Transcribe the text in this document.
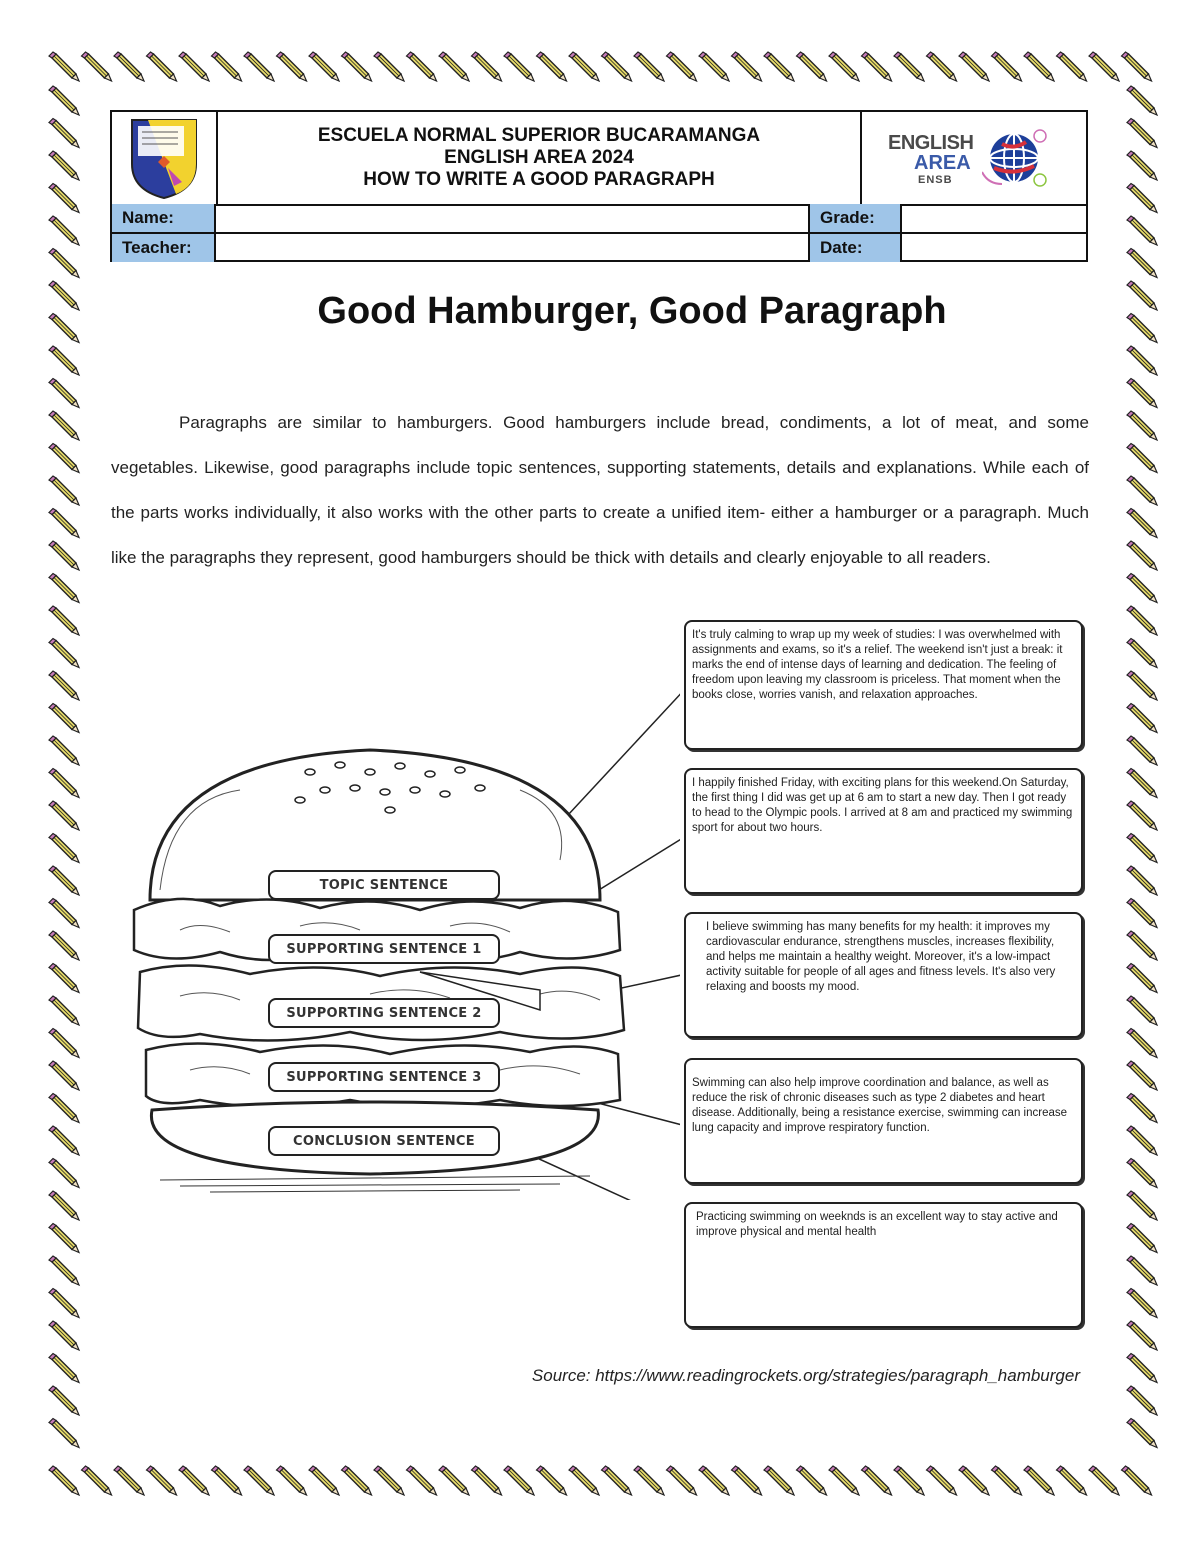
ESCUELA NORMAL SUPERIOR BUCARAMANGA
ENGLISH AREA 2024
HOW TO WRITE A GOOD PARAGRAPH
ENGLISH
AREA
ENSB
Name:	Grade:
Teacher:	Date:
Good Hamburger, Good Paragraph

Paragraphs are similar to hamburgers. Good hamburgers include bread, condiments, a lot of meat, and some vegetables. Likewise, good paragraphs include topic sentences, supporting statements, details and explanations. While each of the parts works individually, it also works with the other parts to create a unified item- either a hamburger or a paragraph. Much like the paragraphs they represent, good hamburgers should be thick with details and clearly enjoyable to all readers.

TOPIC SENTENCE
SUPPORTING SENTENCE 1
SUPPORTING SENTENCE 2
SUPPORTING SENTENCE 3
CONCLUSION SENTENCE
It's truly calming to wrap up my week of studies: I was overwhelmed with assignments and exams, so it's a relief. The weekend isn't just a break: it marks the end of intense days of learning and dedication. The feeling of freedom upon leaving my classroom is priceless. That moment when the books close, worries vanish, and relaxation approaches.
I happily finished Friday, with exciting plans for this weekend.On Saturday, the first thing I did was get up at 6 am to start a new day. Then I got ready to head to the Olympic pools. I arrived at 8 am and practiced my swimming sport for about two hours.
I believe swimming has many benefits for my health: it improves my cardiovascular endurance, strengthens muscles, increases flexibility, and helps me maintain a healthy weight. Moreover, it's a low-impact activity suitable for people of all ages and fitness levels. It's also very relaxing and boosts my mood.
Swimming can also help improve coordination and balance, as well as reduce the risk of chronic diseases such as type 2 diabetes and heart disease. Additionally, being a resistance exercise, swimming can increase lung capacity and improve respiratory function.
Practicing swimming on weeknds is an excellent way to stay active and improve physical and mental health
Source: https://www.readingrockets.org/strategies/paragraph_hamburger
